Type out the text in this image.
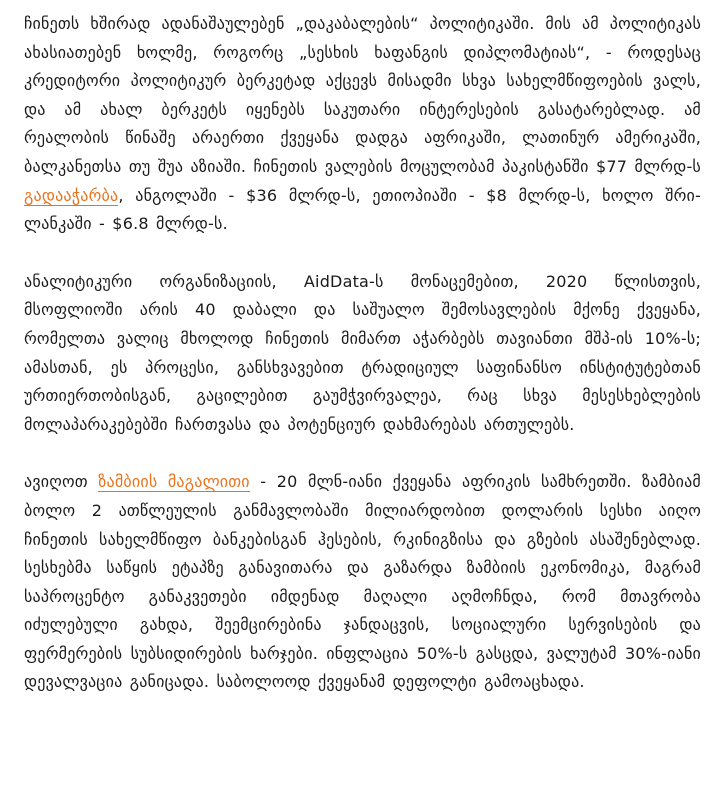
ჩინეთს ხშირად ადანაშაულებენ „დაკაბალების“ პოლიტიკაში. მის ამ პოლიტიკას ახასიათებენ ხოლმე, როგორც „სესხის ხაფანგის დიპლომატიას“, - როდესაც კრედიტორი პოლიტიკურ ბერკეტად აქცევს მისადმი სხვა სახელმწიფოების ვალს, და ამ ახალ ბერკეტს იყენებს საკუთარი ინტერესების გასატარებლად. ამ რეალობის წინაშე არაერთი ქვეყანა დადგა აფრიკაში, ლათინურ ამერიკაში, ბალკანეთსა თუ შუა აზიაში. ჩინეთის ვალების მოცულობამ პაკისტანში $77 მლრდ-ს გადააჭარბა, ანგოლაში - $36 მლრდ-ს, ეთიოპიაში - $8 მლრდ-ს, ხოლო შრი-ლანკაში - $6.8 მლრდ-ს.

ანალიტიკური ორგანიზაციის, AidData-ს მონაცემებით, 2020 წლისთვის, მსოფლიოში არის 40 დაბალი და საშუალო შემოსავლების მქონე ქვეყანა, რომელთა ვალიც მხოლოდ ჩინეთის მიმართ აჭარბებს თავიანთი მშპ-ის 10%-ს; ამასთან, ეს პროცესი, განსხვავებით ტრადიციულ საფინანსო ინსტიტუტებთან ურთიერთობისგან, გაცილებით გაუმჭვირვალეა, რაც სხვა მესესხებლების მოლაპარაკებებში ჩართვასა და პოტენციურ დახმარებას ართულებს.

ავიღოთ ზამბიის მაგალითი - 20 მლნ-იანი ქვეყანა აფრიკის სამხრეთში. ზამბიამ ბოლო 2 ათწლეულის განმავლობაში მილიარდობით დოლარის სესხი აიღო ჩინეთის სახელმწიფო ბანკებისგან ჰესების, რკინიგზისა და გზების ასაშენებლად. სესხებმა საწყის ეტაპზე განავითარა და გაზარდა ზამბიის ეკონომიკა, მაგრამ საპროცენტო განაკვეთები იმდენად მაღალი აღმოჩნდა, რომ მთავრობა იძულებული გახდა, შეემცირებინა ჯანდაცვის, სოციალური სერვისების და ფერმერების სუბსიდირების ხარჯები. ინფლაცია 50%-ს გასცდა, ვალუტამ 30%-იანი დევალვაცია განიცადა. საბოლოოდ ქვეყანამ დეფოლტი გამოაცხადა.
